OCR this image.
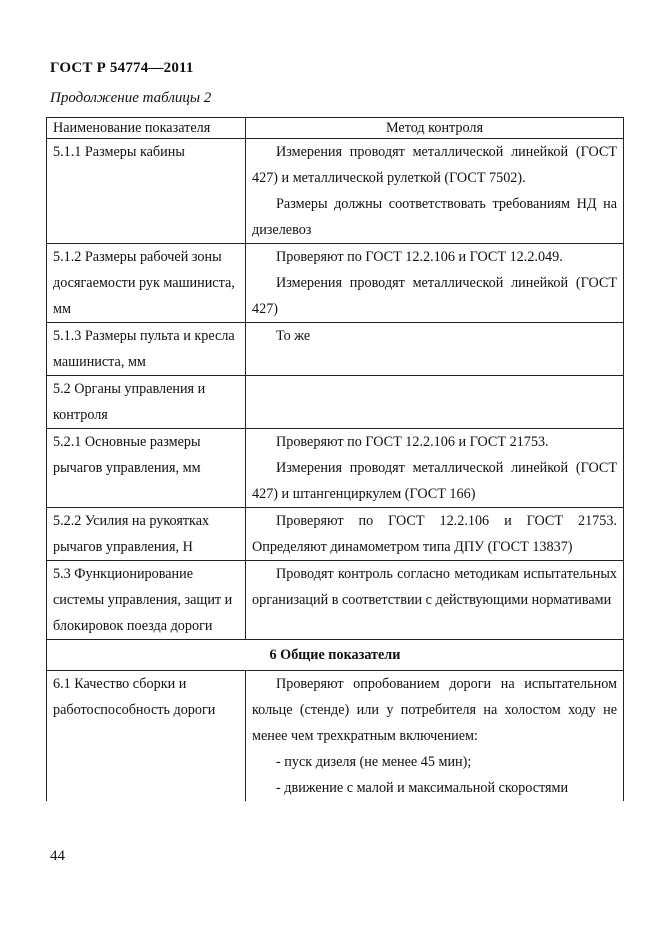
ГОСТ Р 54774—2011
Продолжение таблицы 2
Наименование показателя	Метод контроля
5.1.1 Размеры кабины	Измерения проводят металлической линейкой (ГОСТ 427) и металлической рулеткой (ГОСТ 7502).

Размеры должны соответствовать требованиям НД на дизелевоз

5.1.2 Размеры рабочей зоны досягаемости рук машиниста, мм	Проверяют по ГОСТ 12.2.106 и ГОСТ 12.2.049.

Измерения проводят металлической линейкой (ГОСТ 427)

5.1.3 Размеры пульта и кресла машиниста, мм	То же

5.2 Органы управления и контроля	
5.2.1 Основные размеры рычагов управления, мм	Проверяют по ГОСТ 12.2.106 и ГОСТ 21753.

Измерения проводят металлической линейкой (ГОСТ 427) и штангенциркулем (ГОСТ 166)

5.2.2 Усилия на рукоятках рычагов управления, Н	Проверяют по ГОСТ 12.2.106 и ГОСТ 21753. Определяют динамометром типа ДПУ (ГОСТ 13837)

5.3 Функционирование системы управления, защит и блокировок поезда дороги	Проводят контроль согласно методикам испытательных организаций в соответствии с действующими нормативами

6 Общие показатели	
6.1 Качество сборки и работоспособность дороги	Проверяют опробованием дороги на испытательном кольце (стенде) или у потребителя на холостом ходу не менее чем трехкратным включением:

- пуск дизеля (не менее 45 мин);

- движение с малой и максимальной скоростями

44
